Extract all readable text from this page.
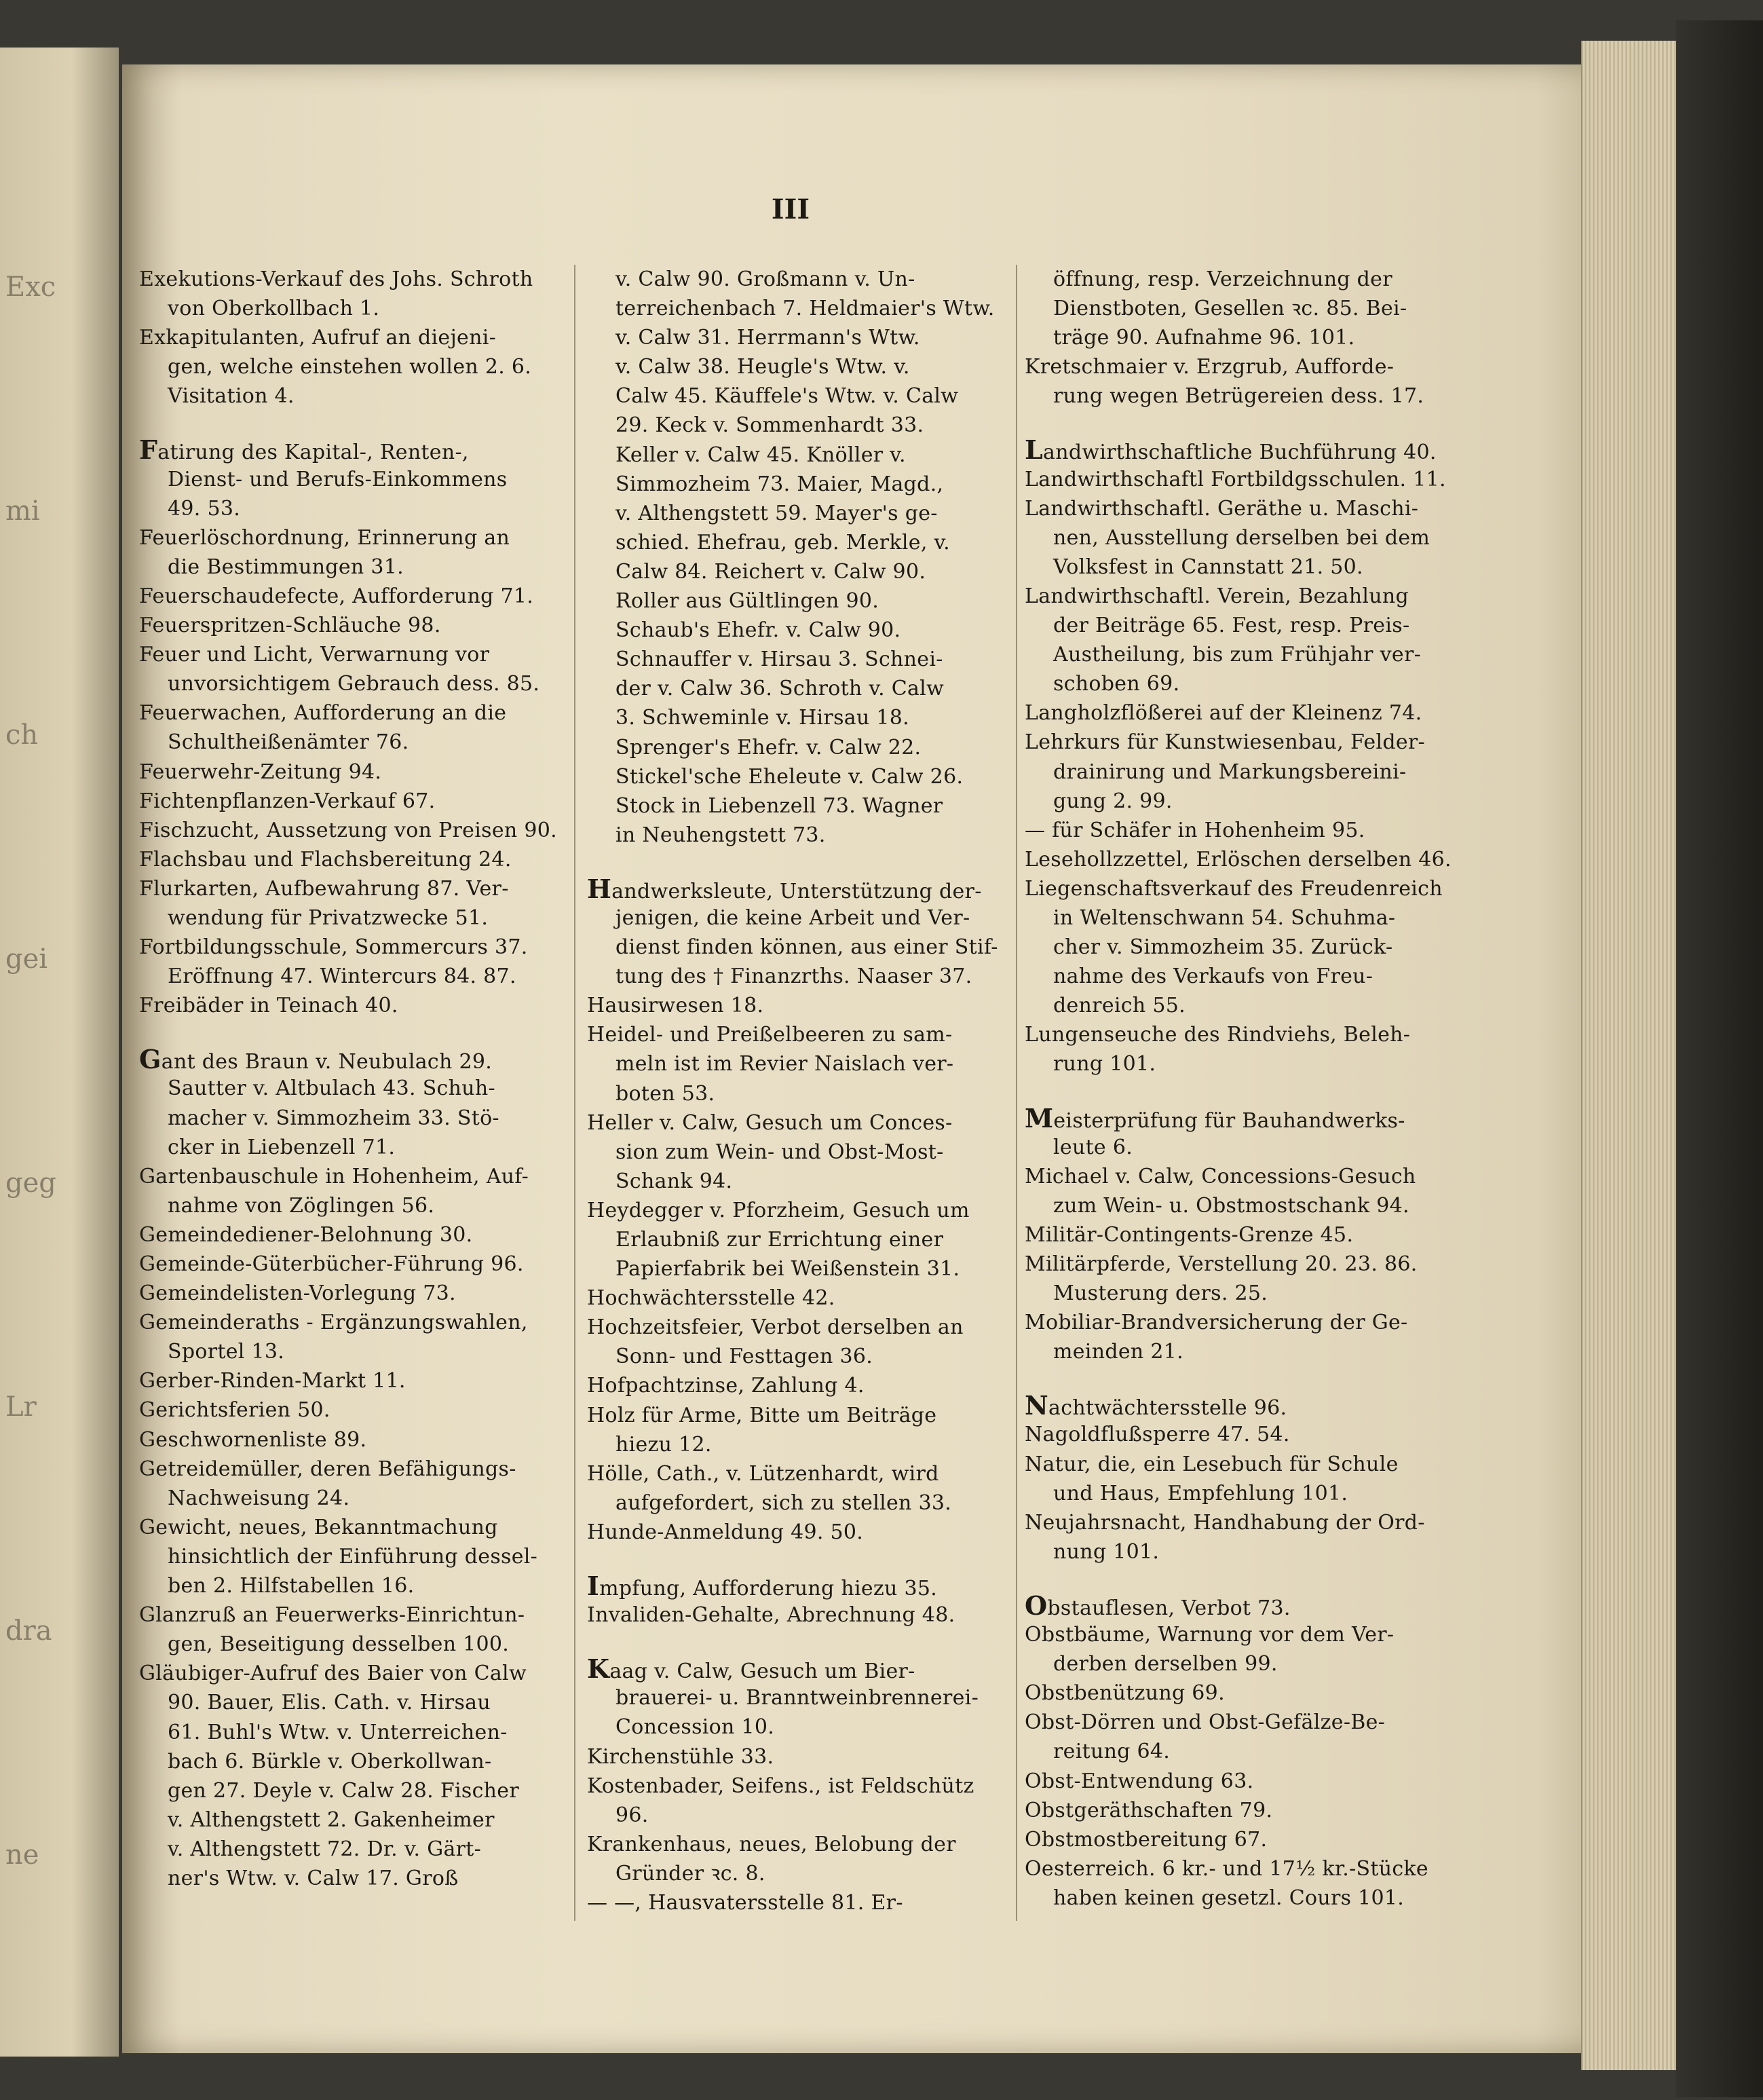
Exc
mi
ch
gei
geg
Lr
dra
ne
III
Exekutions-Verkauf des Johs. Schroth
von Oberkollbach 1.
Exkapitulanten, Aufruf an diejeni-
gen, welche einstehen wollen 2. 6.
Visitation 4.
Fatirung des Kapital-, Renten-,
Dienst- und Berufs-Einkommens
49. 53.
Feuerlöschordnung, Erinnerung an
die Bestimmungen 31.
Feuerschaudefecte, Aufforderung 71.
Feuerspritzen-Schläuche 98.
Feuer und Licht, Verwarnung vor
unvorsichtigem Gebrauch dess. 85.
Feuerwachen, Aufforderung an die
Schultheißenämter 76.
Feuerwehr-Zeitung 94.
Fichtenpflanzen-Verkauf 67.
Fischzucht, Aussetzung von Preisen 90.
Flachsbau und Flachsbereitung 24.
Flurkarten, Aufbewahrung 87. Ver-
wendung für Privatzwecke 51.
Fortbildungsschule, Sommercurs 37.
Eröffnung 47. Wintercurs 84. 87.
Freibäder in Teinach 40.
Gant des Braun v. Neubulach 29.
Sautter v. Altbulach 43. Schuh-
macher v. Simmozheim 33. Stö-
cker in Liebenzell 71.
Gartenbauschule in Hohenheim, Auf-
nahme von Zöglingen 56.
Gemeindediener-Belohnung 30.
Gemeinde-Güterbücher-Führung 96.
Gemeindelisten-Vorlegung 73.
Gemeinderaths - Ergänzungswahlen,
Sportel 13.
Gerber-Rinden-Markt 11.
Gerichtsferien 50.
Geschwornenliste 89.
Getreidemüller, deren Befähigungs-
Nachweisung 24.
Gewicht, neues, Bekanntmachung
hinsichtlich der Einführung dessel-
ben 2. Hilfstabellen 16.
Glanzruß an Feuerwerks-Einrichtun-
gen, Beseitigung desselben 100.
Gläubiger-Aufruf des Baier von Calw
90. Bauer, Elis. Cath. v. Hirsau
61. Buhl's Wtw. v. Unterreichen-
bach 6. Bürkle v. Oberkollwan-
gen 27. Deyle v. Calw 28. Fischer
v. Althengstett 2. Gakenheimer
v. Althengstett 72. Dr. v. Gärt-
ner's Wtw. v. Calw 17. Groß
v. Calw 90. Großmann v. Un-
terreichenbach 7. Heldmaier's Wtw.
v. Calw 31. Herrmann's Wtw.
v. Calw 38. Heugle's Wtw. v.
Calw 45. Käuffele's Wtw. v. Calw
29. Keck v. Sommenhardt 33.
Keller v. Calw 45. Knöller v.
Simmozheim 73. Maier, Magd.,
v. Althengstett 59. Mayer's ge-
schied. Ehefrau, geb. Merkle, v.
Calw 84. Reichert v. Calw 90.
Roller aus Gültlingen 90.
Schaub's Ehefr. v. Calw 90.
Schnauffer v. Hirsau 3. Schnei-
der v. Calw 36. Schroth v. Calw
3. Schweminle v. Hirsau 18.
Sprenger's Ehefr. v. Calw 22.
Stickel'sche Eheleute v. Calw 26.
Stock in Liebenzell 73. Wagner
in Neuhengstett 73.
Handwerksleute, Unterstützung der-
jenigen, die keine Arbeit und Ver-
dienst finden können, aus einer Stif-
tung des † Finanzrths. Naaser 37.
Hausirwesen 18.
Heidel- und Preißelbeeren zu sam-
meln ist im Revier Naislach ver-
boten 53.
Heller v. Calw, Gesuch um Conces-
sion zum Wein- und Obst-Most-
Schank 94.
Heydegger v. Pforzheim, Gesuch um
Erlaubniß zur Errichtung einer
Papierfabrik bei Weißenstein 31.
Hochwächtersstelle 42.
Hochzeitsfeier, Verbot derselben an
Sonn- und Festtagen 36.
Hofpachtzinse, Zahlung 4.
Holz für Arme, Bitte um Beiträge
hiezu 12.
Hölle, Cath., v. Lützenhardt, wird
aufgefordert, sich zu stellen 33.
Hunde-Anmeldung 49. 50.
Impfung, Aufforderung hiezu 35.
Invaliden-Gehalte, Abrechnung 48.
Kaag v. Calw, Gesuch um Bier-
brauerei- u. Branntweinbrennerei-
Concession 10.
Kirchenstühle 33.
Kostenbader, Seifens., ist Feldschütz
96.
Krankenhaus, neues, Belobung der
Gründer ꝛc. 8.
— —, Hausvatersstelle 81. Er-
öffnung, resp. Verzeichnung der
Dienstboten, Gesellen ꝛc. 85. Bei-
träge 90. Aufnahme 96. 101.
Kretschmaier v. Erzgrub, Aufforde-
rung wegen Betrügereien dess. 17.
Landwirthschaftliche Buchführung 40.
Landwirthschaftl Fortbildgsschulen. 11.
Landwirthschaftl. Geräthe u. Maschi-
nen, Ausstellung derselben bei dem
Volksfest in Cannstatt 21. 50.
Landwirthschaftl. Verein, Bezahlung
der Beiträge 65. Fest, resp. Preis-
Austheilung, bis zum Frühjahr ver-
schoben 69.
Langholzflößerei auf der Kleinenz 74.
Lehrkurs für Kunstwiesenbau, Felder-
drainirung und Markungsbereini-
gung 2. 99.
— für Schäfer in Hohenheim 95.
Lesehollzzettel, Erlöschen derselben 46.
Liegenschaftsverkauf des Freudenreich
in Weltenschwann 54. Schuhma-
cher v. Simmozheim 35. Zurück-
nahme des Verkaufs von Freu-
denreich 55.
Lungenseuche des Rindviehs, Beleh-
rung 101.
Meisterprüfung für Bauhandwerks-
leute 6.
Michael v. Calw, Concessions-Gesuch
zum Wein- u. Obstmostschank 94.
Militär-Contingents-Grenze 45.
Militärpferde, Verstellung 20. 23. 86.
Musterung ders. 25.
Mobiliar-Brandversicherung der Ge-
meinden 21.
Nachtwächtersstelle 96.
Nagoldflußsperre 47. 54.
Natur, die, ein Lesebuch für Schule
und Haus, Empfehlung 101.
Neujahrsnacht, Handhabung der Ord-
nung 101.
Obstauflesen, Verbot 73.
Obstbäume, Warnung vor dem Ver-
derben derselben 99.
Obstbenützung 69.
Obst-Dörren und Obst-Gefälze-Be-
reitung 64.
Obst-Entwendung 63.
Obstgeräthschaften 79.
Obstmostbereitung 67.
Oesterreich. 6 kr.- und 17½ kr.-Stücke
haben keinen gesetzl. Cours 101.
